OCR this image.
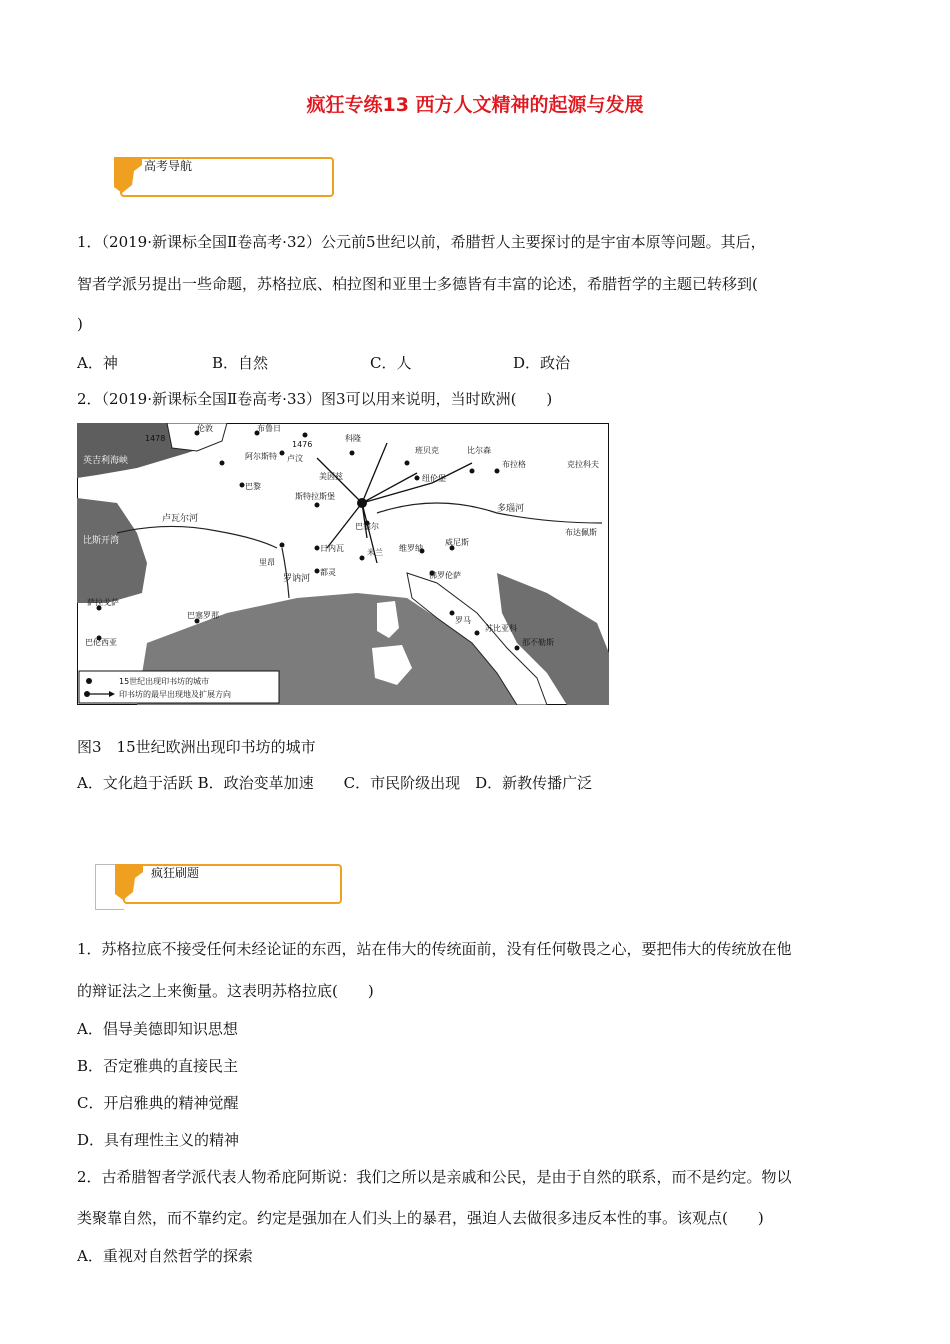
疯狂专练13 西方人文精神的起源与发展
高考导航

1．（2019·新课标全国Ⅱ卷高考·32）公元前5世纪以前，希腊哲人主要探讨的是宇宙本原等问题。其后，

智者学派另提出一些命题，苏格拉底、柏拉图和亚里士多德皆有丰富的论述，希腊哲学的主题已转移到(

)

A．神	B．自然	C．人	D．政治

2．（2019·新课标全国Ⅱ卷高考·33）图3可以用来说明，当时欧洲(　　)

1478
伦敦	布鲁日
1476
阿尔斯特 卢汶
科隆
巴黎
美因兹
斯特拉斯堡
班贝克
纽伦堡
比尔森
布拉格	克拉科夫
巴塞尔
布达佩斯
里昂
日内瓦	米兰 维罗纳
威尼斯
都灵	佛罗伦萨
萨拉戈萨
巴塞罗那
巴伦西亚
罗马
苏比亚科
那不勒斯
英吉利海峡
比斯开湾
卢瓦尔河
多瑙河
罗讷河
15世纪出现印书坊的城市
印书坊的最早出现地及扩展方向

图3　15世纪欧洲出现印书坊的城市

A．文化趋于活跃 B．政治变革加速　　C．市民阶级出现　D．新教传播广泛

疯狂刷题

1．苏格拉底不接受任何未经论证的东西，站在伟大的传统面前，没有任何敬畏之心，要把伟大的传统放在他

的辩证法之上来衡量。这表明苏格拉底(　　)

A．倡导美德即知识思想
B．否定雅典的直接民主
C．开启雅典的精神觉醒
D．具有理性主义的精神

2．古希腊智者学派代表人物希庇阿斯说：我们之所以是亲戚和公民，是由于自然的联系，而不是约定。物以

类聚靠自然，而不靠约定。约定是强加在人们头上的暴君，强迫人去做很多违反本性的事。该观点(　　)

A．重视对自然哲学的探索
